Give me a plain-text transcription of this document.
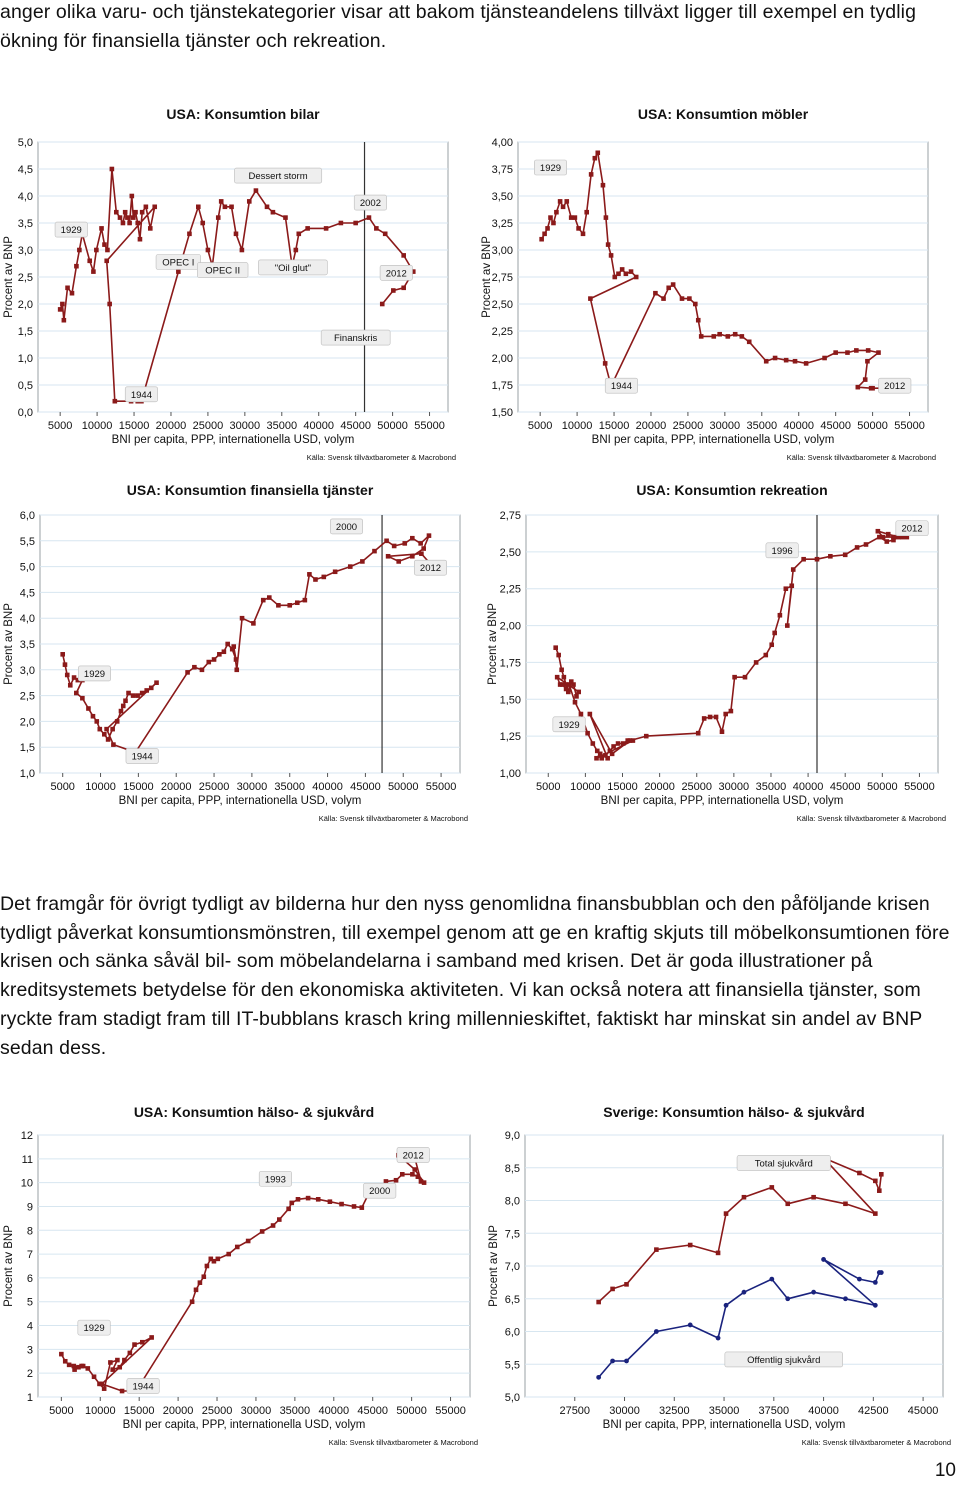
anger olika varu- och tjänstekategorier visar att bakom tjänsteandelens tillväxt ligger till exempel en tydlig ökning för finansiella tjänster och rekreation.

USA: Konsumtion bilar
0,0
0,5
1,0
1,5
2,0
2,5
3,0
3,5
4,0
4,5
5,0
5000 10000 15000 20000 25000 30000 35000 40000 45000 50000 55000
BNI per capita, PPP, internationella USD, volym
Procent av BNP
Källa: Svensk tillväxtbarometer & Macrobond
1929
OPEC I
OPEC II	"Oil glut"
Dessert storm
2002
2012
Finanskris
1944
USA: Konsumtion möbler
1,50
1,75
2,00
2,25
2,50
2,75
3,00
3,25
3,50
3,75
4,00
5000 10000 15000 20000 25000 30000 35000 40000 45000 50000 55000
BNI per capita, PPP, internationella USD, volym
Procent av BNP
Källa: Svensk tillväxtbarometer & Macrobond
1929
1944	2012
USA: Konsumtion finansiella tjänster
1,0
1,5
2,0
2,5
3,0
3,5
4,0
4,5
5,0
5,5
6,0
5000 10000 15000 20000 25000 30000 35000 40000 45000 50000 55000
BNI per capita, PPP, internationella USD, volym
Procent av BNP
Källa: Svensk tillväxtbarometer & Macrobond
2000
2012
1929
1944
USA: Konsumtion rekreation
1,00
1,25
1,50
1,75
2,00
2,25
2,50
2,75
5000 10000 15000 20000 25000 30000 35000 40000 45000 50000 55000
BNI per capita, PPP, internationella USD, volym
Procent av BNP
Källa: Svensk tillväxtbarometer & Macrobond
1996
2012
1929

Det framgår för övrigt tydligt av bilderna hur den nyss genomlidna finansbubblan och den påföljande krisen tydligt påverkat konsumtionsmönstren, till exempel genom att ge en kraftig skjuts till möbelkonsumtionen före krisen och sänka såväl bil- som möbelandelarna i samband med krisen. Det är goda illustrationer på kreditsystemets betydelse för den ekonomiska aktiviteten. Vi kan också notera att finansiella tjänster, som ryckte fram stadigt fram till IT-bubblans krasch kring millennieskiftet, faktiskt har minskat sin andel av BNP sedan dess.

USA: Konsumtion hälso- & sjukvård
1
2
3
4
5
6
7
8
9
10
11
12
5000 10000 15000 20000 25000 30000 35000 40000 45000 50000 55000
BNI per capita, PPP, internationella USD, volym
Procent av BNP
Källa: Svensk tillväxtbarometer & Macrobond
1993
2012
2000
1929
1944
Sverige: Konsumtion hälso- & sjukvård
5,0
5,5
6,0
6,5
7,0
7,5
8,0
8,5
9,0
27500 30000 32500 35000 37500 40000 42500 45000
BNI per capita, PPP, internationella USD, volym
Procent av BNP
Källa: Svensk tillväxtbarometer & Macrobond
Total sjukvård
Offentlig sjukvård
10
